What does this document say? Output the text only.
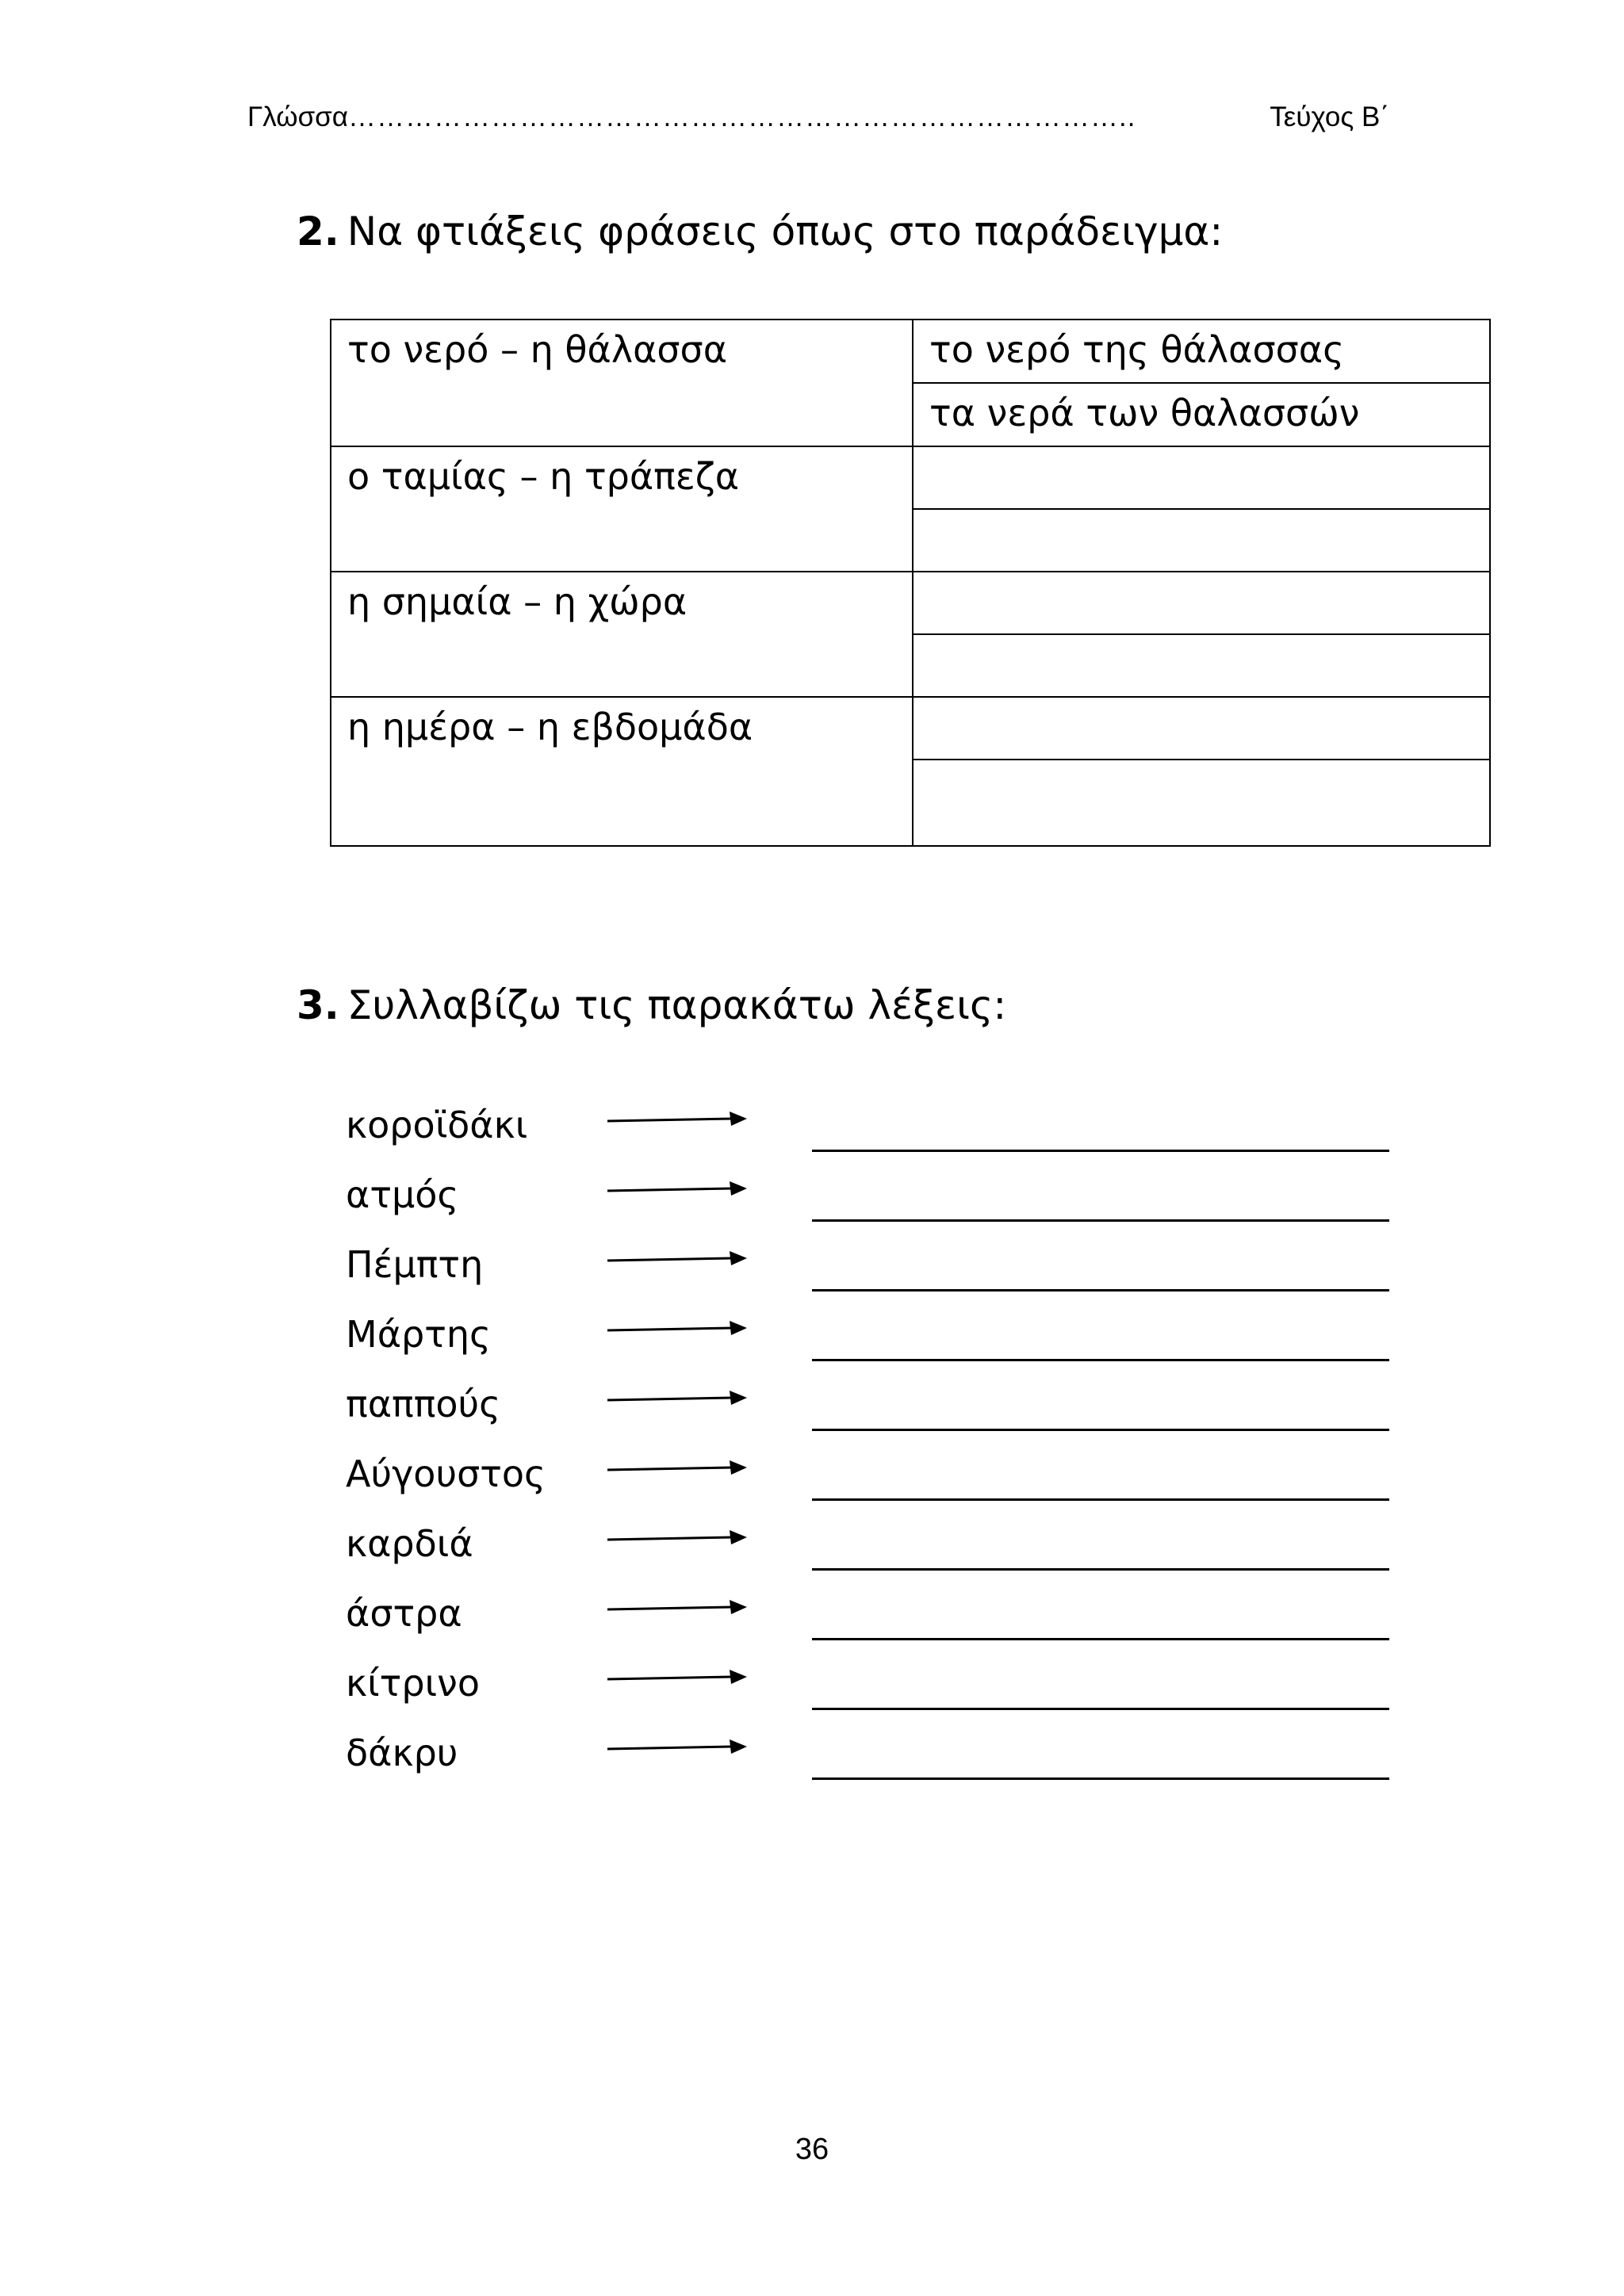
Γλώσσα ………………………………………………………………………..	Τεύχος Β΄
2. Να φτιάξεις φράσεις όπως στο παράδειγμα:
το νερό – η θάλασσα	το νερό της θάλασσας
	τα νερά των θαλασσών
ο ταμίας – η τράπεζα	

η σημαία – η χώρα	

η ημέρα – η εβδομάδα	

3. Συλλαβίζω τις παρακάτω λέξεις:
κοροϊδάκι
ατμός
Πέμπτη
Μάρτης
παππούς
Αύγουστος
καρδιά
άστρα
κίτρινο
δάκρυ
36
